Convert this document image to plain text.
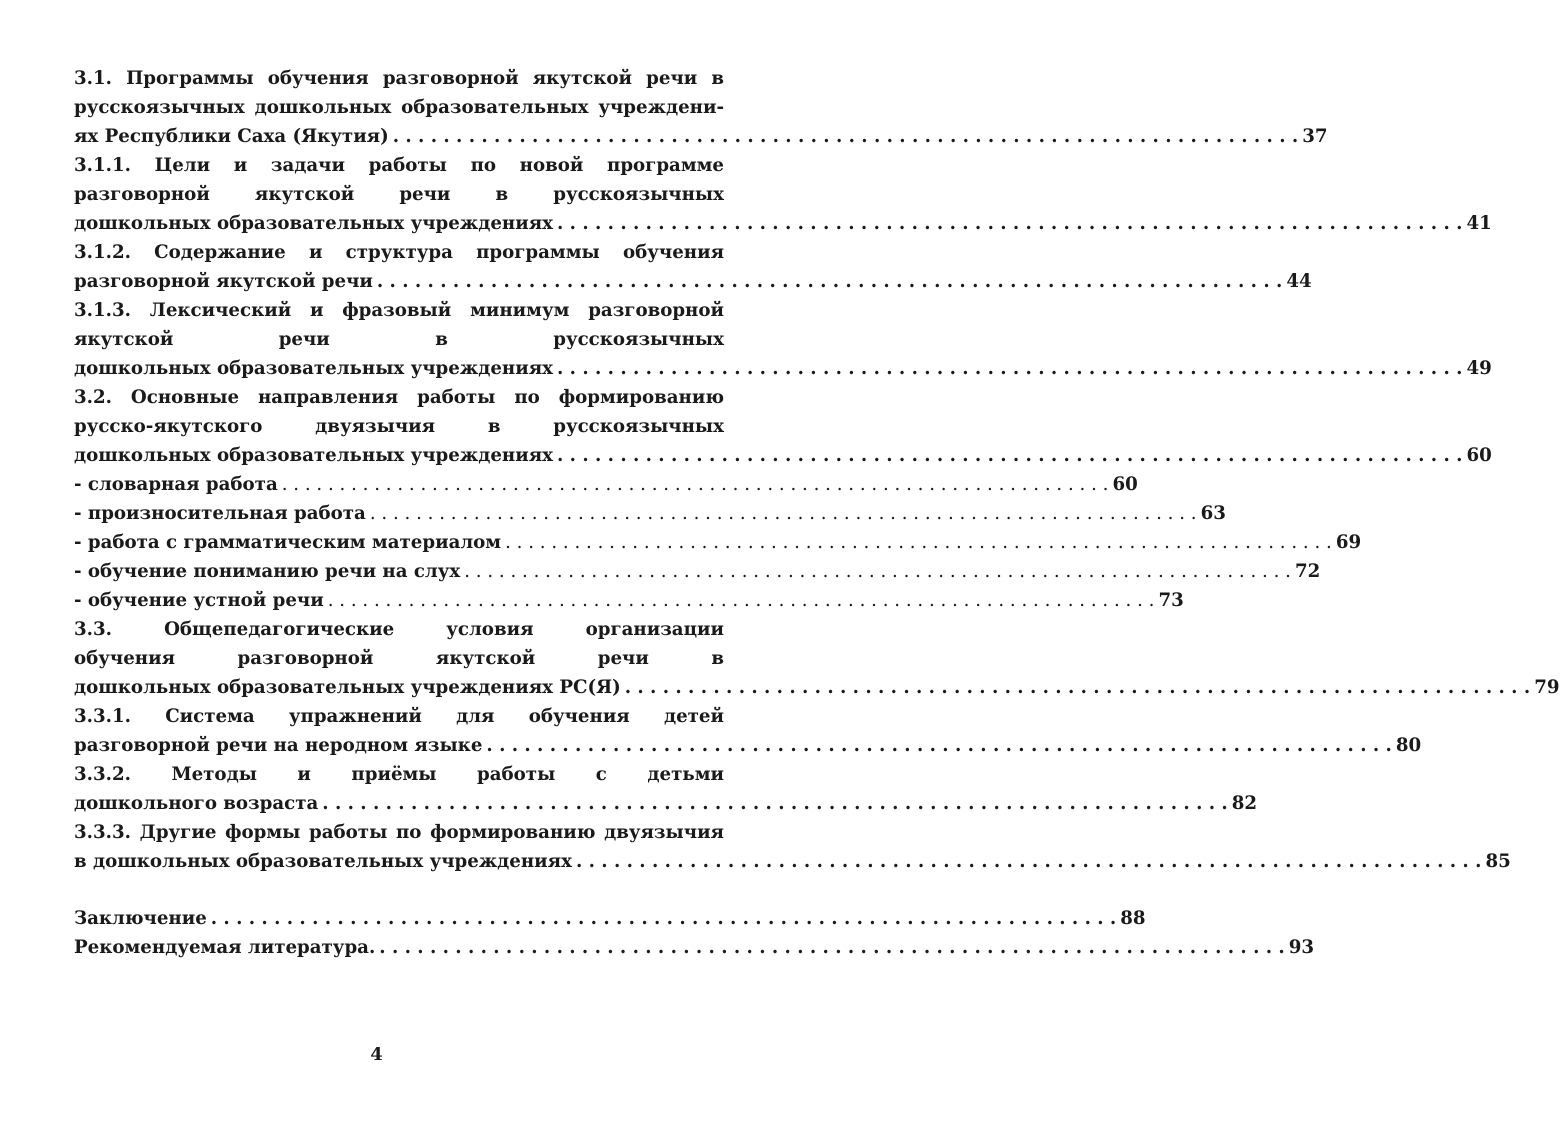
3.1. Программы обучения разговорной якутской речи в
русскоязычных дошкольных образовательных учреждени-
ях Республики Саха (Якутия) . . . . . . . . . . . . . . . . . . . . . . . . . . . . . . . . . . . . . . . . . . . . . . . . . . . . . . . . . . . . . . . . . . . . . . . . 37
3.1.1. Цели и задачи работы по новой программе
разговорной якутской речи в русскоязычных
дошкольных образовательных учреждениях . . . . . . . . . . . . . . . . . . . . . . . . . . . . . . . . . . . . . . . . . . . . . . . . . . . . . . . . . . . . . . . . . . . . . . . . 41
3.1.2. Содержание и структура программы обучения
разговорной якутской речи . . . . . . . . . . . . . . . . . . . . . . . . . . . . . . . . . . . . . . . . . . . . . . . . . . . . . . . . . . . . . . . . . . . . . . . . 44
3.1.3. Лексический и фразовый минимум разговорной
якутской речи в русскоязычных
дошкольных образовательных учреждениях . . . . . . . . . . . . . . . . . . . . . . . . . . . . . . . . . . . . . . . . . . . . . . . . . . . . . . . . . . . . . . . . . . . . . . . . 49
3.2. Основные направления работы по формированию
русско-якутского двуязычия в русскоязычных
дошкольных образовательных учреждениях . . . . . . . . . . . . . . . . . . . . . . . . . . . . . . . . . . . . . . . . . . . . . . . . . . . . . . . . . . . . . . . . . . . . . . . . 60
- словарная работа . . . . . . . . . . . . . . . . . . . . . . . . . . . . . . . . . . . . . . . . . . . . . . . . . . . . . . . . . . . . . . . . . . . . . . . . 60
- произносительная работа . . . . . . . . . . . . . . . . . . . . . . . . . . . . . . . . . . . . . . . . . . . . . . . . . . . . . . . . . . . . . . . . . . . . . . . . 63
- работа с грамматическим материалом . . . . . . . . . . . . . . . . . . . . . . . . . . . . . . . . . . . . . . . . . . . . . . . . . . . . . . . . . . . . . . . . . . . . . . . . 69
- обучение пониманию речи на слух . . . . . . . . . . . . . . . . . . . . . . . . . . . . . . . . . . . . . . . . . . . . . . . . . . . . . . . . . . . . . . . . . . . . . . . . 72
- обучение устной речи . . . . . . . . . . . . . . . . . . . . . . . . . . . . . . . . . . . . . . . . . . . . . . . . . . . . . . . . . . . . . . . . . . . . . . . . 73
3.3. Общепедагогические условия организации
обучения разговорной якутской речи в
дошкольных образовательных учреждениях РС(Я) . . . . . . . . . . . . . . . . . . . . . . . . . . . . . . . . . . . . . . . . . . . . . . . . . . . . . . . . . . . . . . . . . . . . . . . . 79
3.3.1. Система упражнений для обучения детей
разговорной речи на неродном языке . . . . . . . . . . . . . . . . . . . . . . . . . . . . . . . . . . . . . . . . . . . . . . . . . . . . . . . . . . . . . . . . . . . . . . . . 80
3.3.2. Методы и приёмы работы с детьми
дошкольного возраста . . . . . . . . . . . . . . . . . . . . . . . . . . . . . . . . . . . . . . . . . . . . . . . . . . . . . . . . . . . . . . . . . . . . . . . . 82
3.3.3. Другие формы работы по формированию двуязычия
в дошкольных образовательных учреждениях . . . . . . . . . . . . . . . . . . . . . . . . . . . . . . . . . . . . . . . . . . . . . . . . . . . . . . . . . . . . . . . . . . . . . . . . 85
Заключение . . . . . . . . . . . . . . . . . . . . . . . . . . . . . . . . . . . . . . . . . . . . . . . . . . . . . . . . . . . . . . . . . . . . . . . . 88
Рекомендуемая литература. . . . . . . . . . . . . . . . . . . . . . . . . . . . . . . . . . . . . . . . . . . . . . . . . . . . . . . . . . . . . . . . . . . . . . . . . 93
4
